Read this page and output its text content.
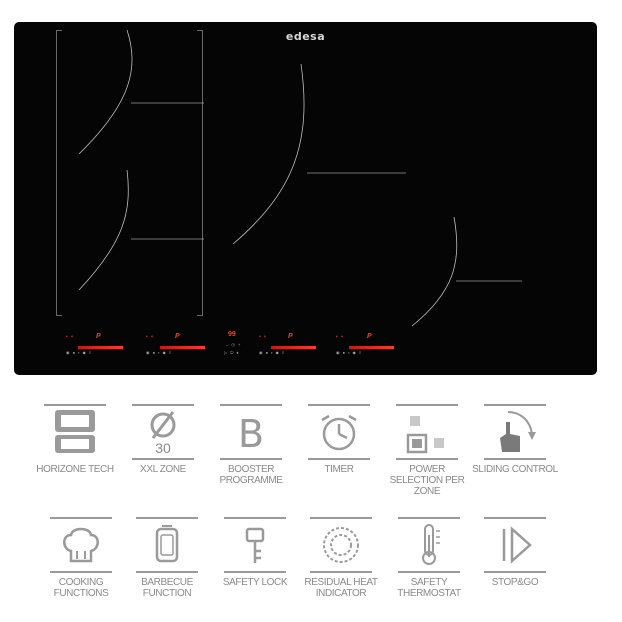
edesa
• •	P
◉ ● ▪ ◆ ≡
• •	P
◉ ● ▪ ◆ ≡
99
‒ ◷ +
▷ ⏻ ♦
• •	P
◉ ● ▪ ◆ ≡
• •	P
◉ ● ▪ ◆ ≡
HORIZONE TECH
30
XXL ZONE
B
BOOSTER PROGRAMME
TIMER	POWER SELECTION PER ZONE
SLIDING CONTROL
COOKING FUNCTIONS
BARBECUE FUNCTION
SAFETY LOCK	RESIDUAL HEAT INDICATOR
SAFETY THERMOSTAT
STOP&GO
